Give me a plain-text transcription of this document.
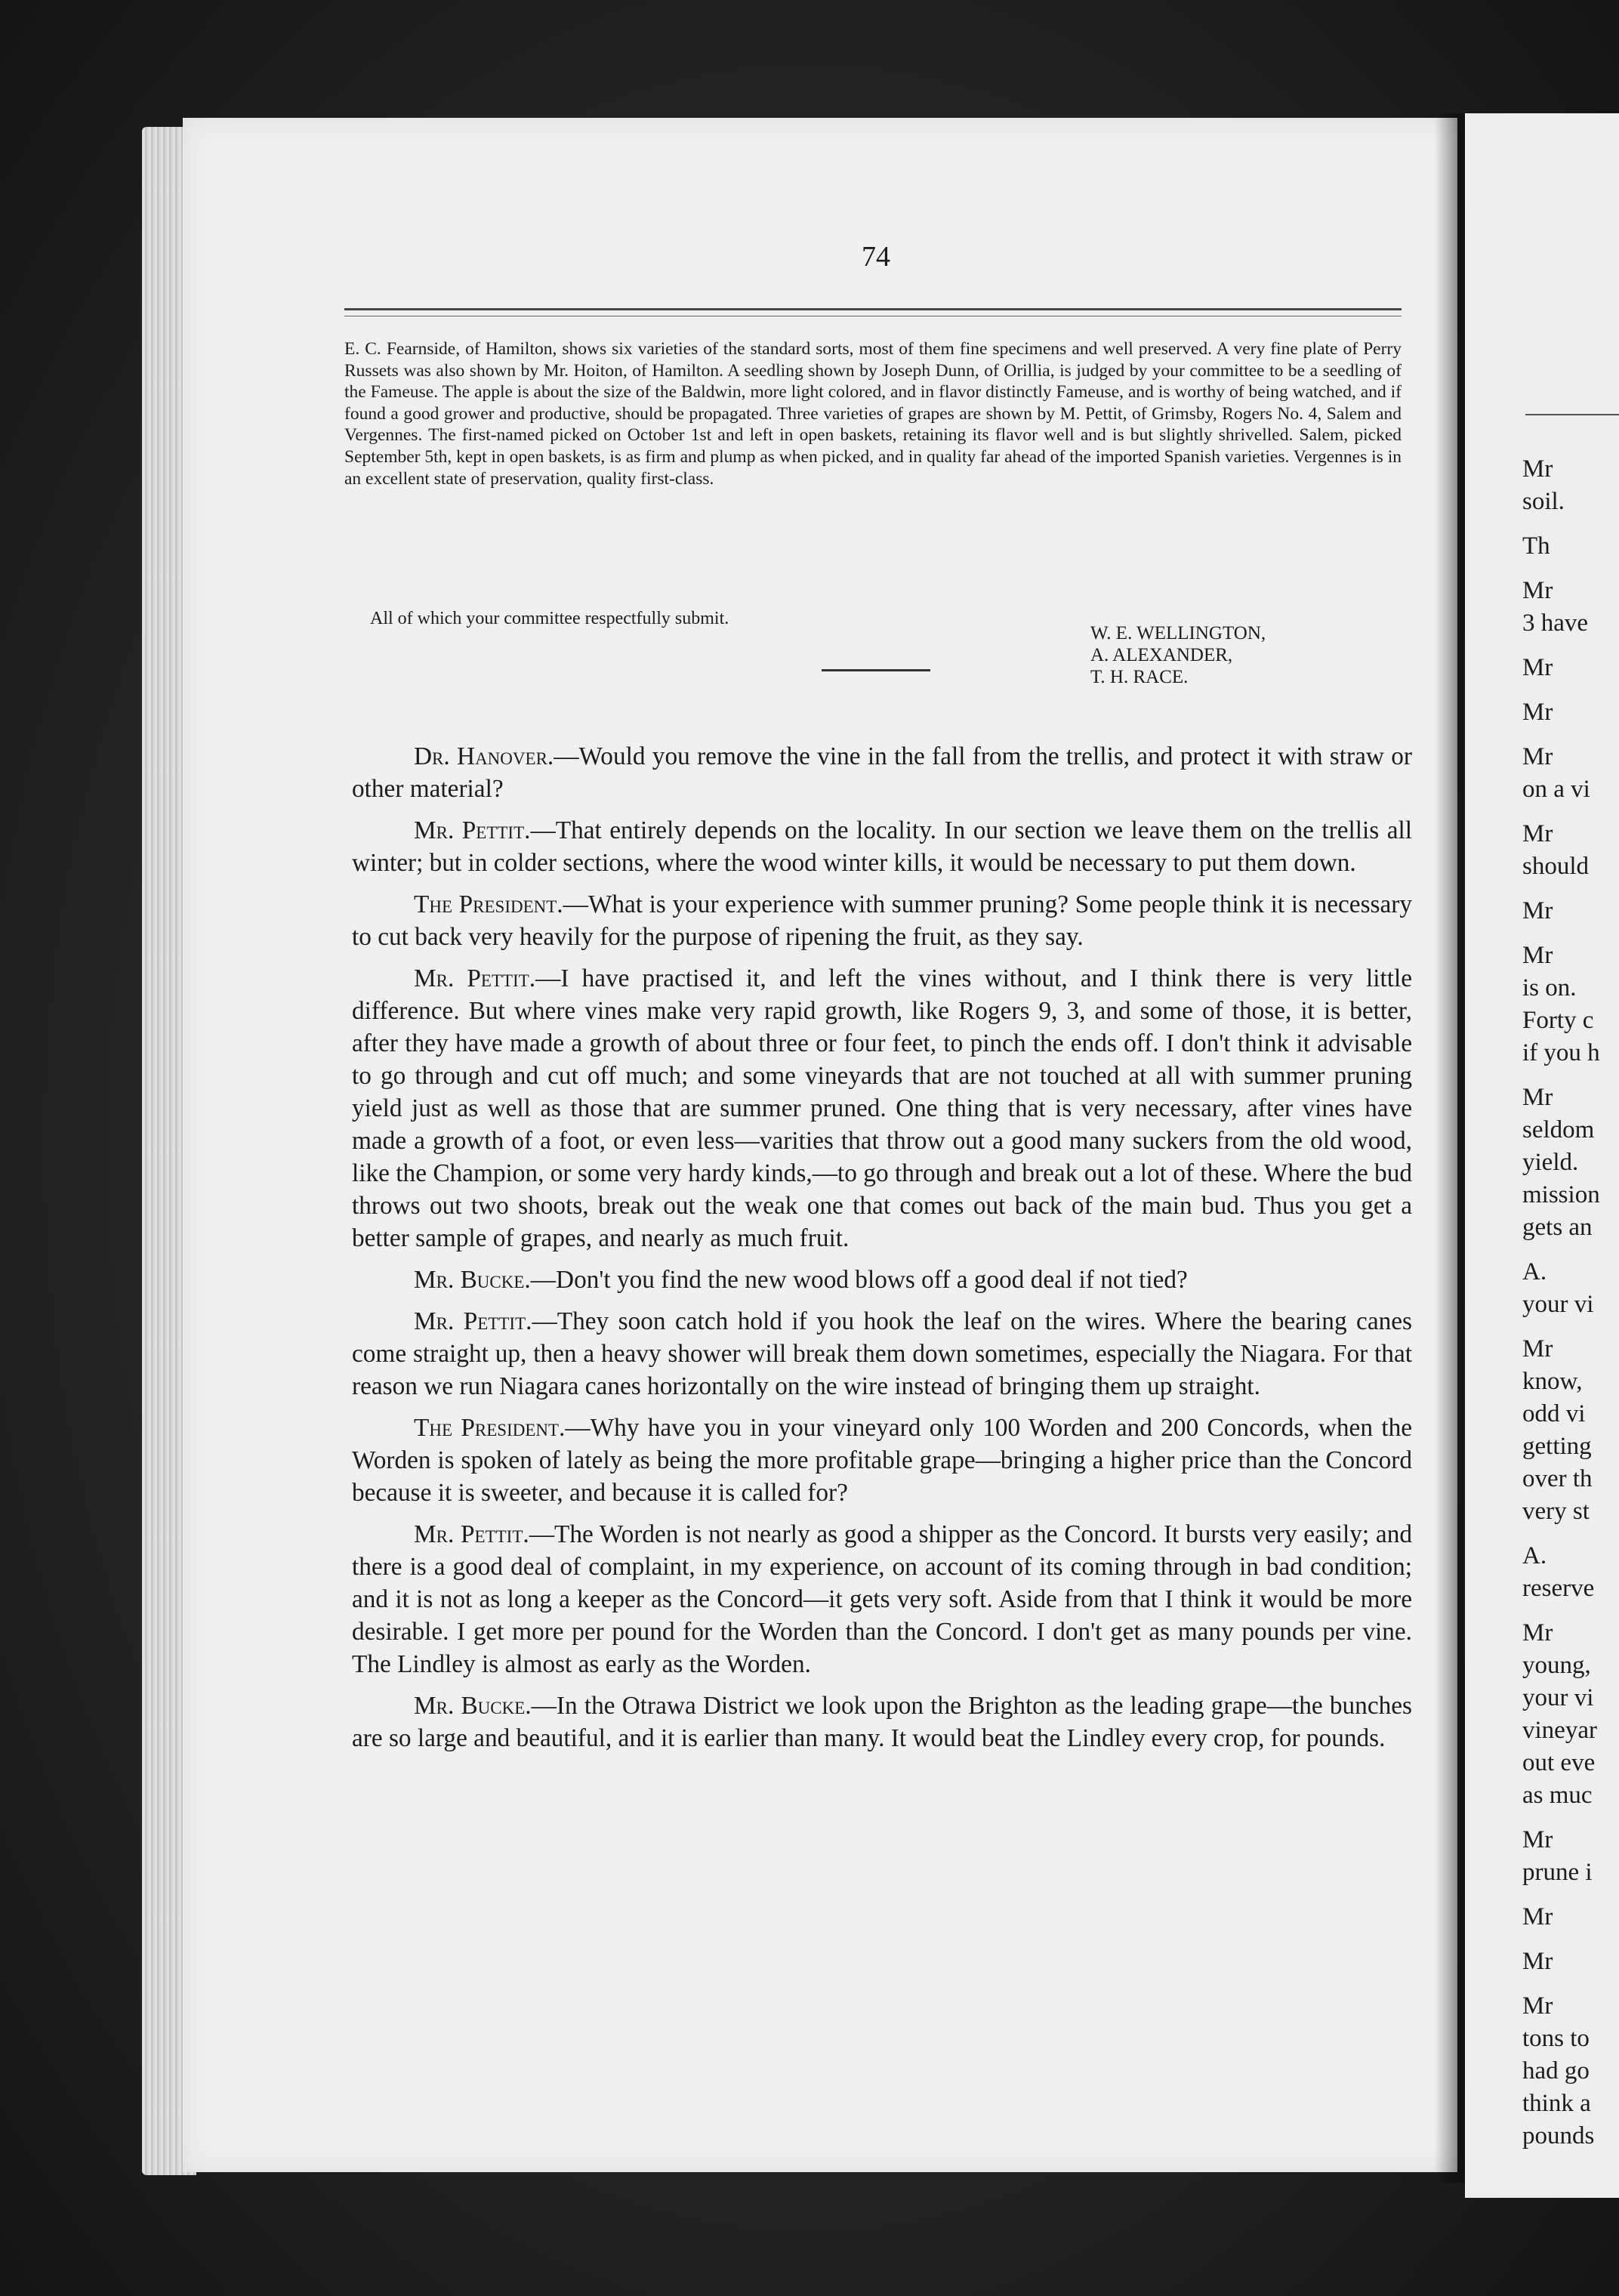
74
E. C. Fearnside, of Hamilton, shows six varieties of the standard sorts, most of them fine specimens and well preserved. A very fine plate of Perry Russets was also shown by Mr. Hoiton, of Hamilton. A seedling shown by Joseph Dunn, of Orillia, is judged by your committee to be a seedling of the Fameuse. The apple is about the size of the Baldwin, more light colored, and in flavor distinctly Fameuse, and is worthy of being watched, and if found a good grower and productive, should be propagated. Three varieties of grapes are shown by M. Pettit, of Grimsby, Rogers No. 4, Salem and Vergennes. The first-named picked on October 1st and left in open baskets, retaining its flavor well and is but slightly shrivelled. Salem, picked September 5th, kept in open baskets, is as firm and plump as when picked, and in quality far ahead of the imported Spanish varieties. Vergennes is in an excellent state of preservation, quality first-class.
All of which your committee respectfully submit.
W. E. WELLINGTON,
A. ALEXANDER,
T. H. RACE.

Dr. Hanover.—Would you remove the vine in the fall from the trellis, and protect it with straw or other material?

Mr. Pettit.—That entirely depends on the locality. In our section we leave them on the trellis all winter; but in colder sections, where the wood winter kills, it would be necessary to put them down.

The President.—What is your experience with summer pruning? Some people think it is necessary to cut back very heavily for the purpose of ripening the fruit, as they say.

Mr. Pettit.—I have practised it, and left the vines without, and I think there is very little difference. But where vines make very rapid growth, like Rogers 9, 3, and some of those, it is better, after they have made a growth of about three or four feet, to pinch the ends off. I don't think it advisable to go through and cut off much; and some vineyards that are not touched at all with summer pruning yield just as well as those that are summer pruned. One thing that is very necessary, after vines have made a growth of a foot, or even less—varities that throw out a good many suckers from the old wood, like the Champion, or some very hardy kinds,—to go through and break out a lot of these. Where the bud throws out two shoots, break out the weak one that comes out back of the main bud. Thus you get a better sample of grapes, and nearly as much fruit.

Mr. Bucke.—Don't you find the new wood blows off a good deal if not tied?

Mr. Pettit.—They soon catch hold if you hook the leaf on the wires. Where the bearing canes come straight up, then a heavy shower will break them down sometimes, especially the Niagara. For that reason we run Niagara canes horizontally on the wire instead of bringing them up straight.

The President.—Why have you in your vineyard only 100 Worden and 200 Concords, when the Worden is spoken of lately as being the more profitable grape—bringing a higher price than the Concord because it is sweeter, and because it is called for?

Mr. Pettit.—The Worden is not nearly as good a shipper as the Concord. It bursts very easily; and there is a good deal of complaint, in my experience, on account of its coming through in bad condition; and it is not as long a keeper as the Concord—it gets very soft. Aside from that I think it would be more desirable. I get more per pound for the Worden than the Concord. I don't get as many pounds per vine. The Lindley is almost as early as the Worden.

Mr. Bucke.—In the Otrawa District we look upon the Brighton as the leading grape—the bunches are so large and beautiful, and it is earlier than many. It would beat the Lindley every crop, for pounds.

Mr
soil.
Th
Mr
3 have
Mr
Mr
Mr
on a vi
Mr
should
Mr
Mr
is on.
Forty c
if you h
Mr
seldom
yield.
mission
gets an
A.
your vi
Mr
know,
odd vi
getting
over th
very st
A.
reserve
Mr
young,
your vi
vineyar
out eve
as muc
Mr
prune i
Mr
Mr
Mr
tons to
had go
think a
pounds
